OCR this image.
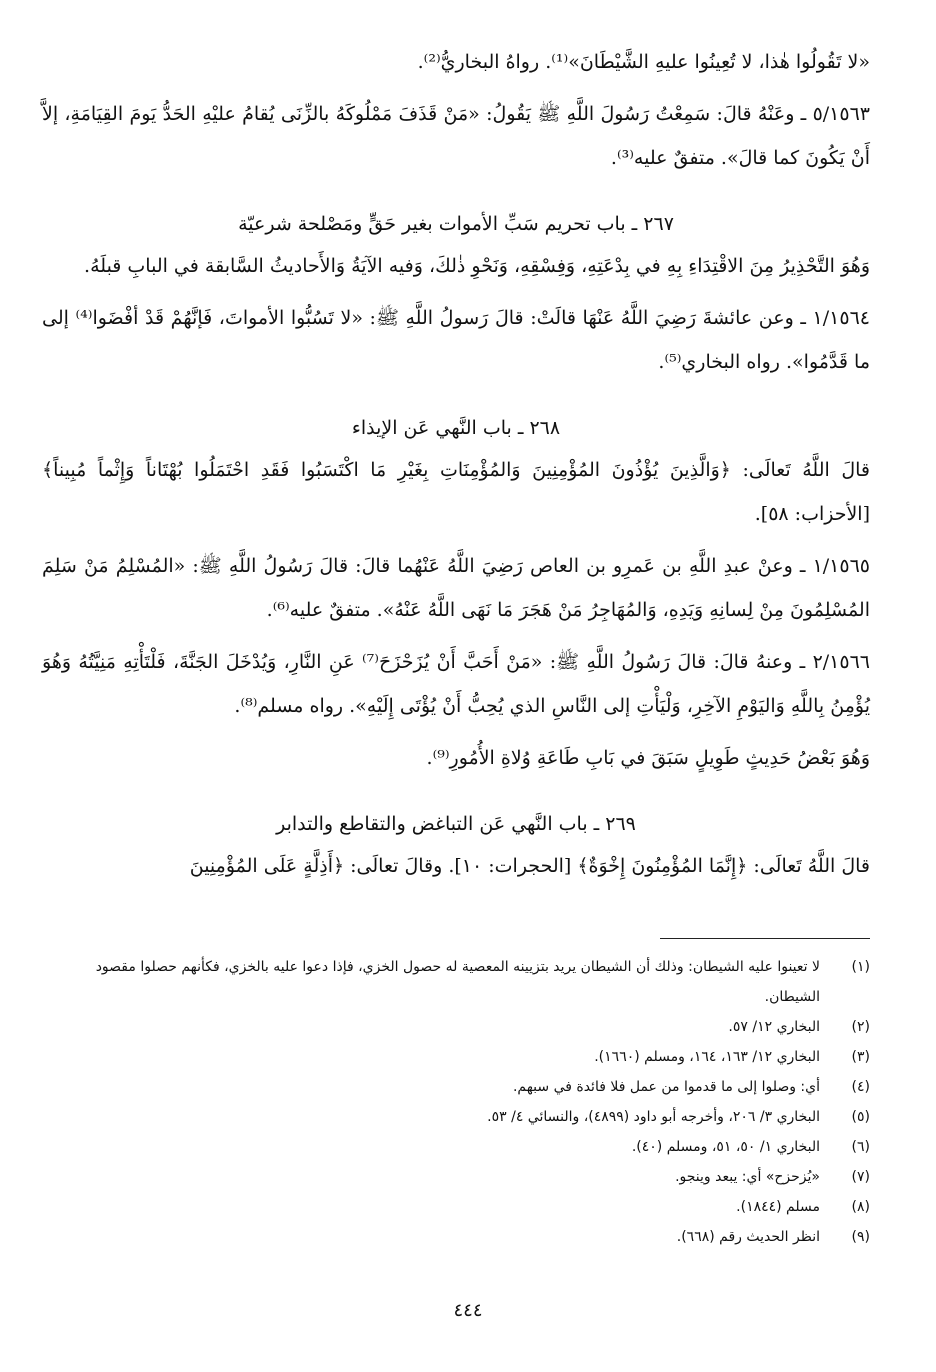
«لا تَقُولُوا هٰذا، لا تُعِينُوا عليهِ الشَّيْطَانَ»⁽¹⁾. رواهُ البخاريُّ⁽²⁾.

٥/١٥٦٣ ـ وعَنْهُ قالَ: سَمِعْتُ رَسُولَ اللَّهِ ﷺ يَقُولُ: «مَنْ قَذَفَ مَمْلُوكَهُ بالزِّنَى يُقامُ عليْهِ الحَدُّ يَومَ القِيَامَةِ، إلاَّ أَنْ يَكُونَ كما قالَ». متفقٌ عليه⁽³⁾.

٢٦٧ ـ باب تحريم سَبِّ الأموات بغير حَقٍّ ومَصْلحة شرعيّة

وَهُوَ التَّحْذِيرُ مِنَ الاقْتِدَاءِ بِهِ في بِدْعَتِهِ، وَفِسْقِهِ، وَنَحْوِ ذٰلكَ، وَفيه الآيَةُ وَالأَحاديثُ السَّابقة في البابِ قبلَهُ.

١/١٥٦٤ ـ وعن عائشةَ رَضِيَ اللَّهُ عَنْهَا قالَتْ: قالَ رَسولُ اللَّهِ ﷺ: «لا تَسُبُّوا الأمواتَ، فَإنَّهُمْ قَدْ أفْضَوا⁽⁴⁾ إلى ما قَدَّمُوا». رواه البخاري⁽⁵⁾.

٢٦٨ ـ باب النَّهي عَن الإيذاء

قالَ اللَّهُ تَعالَى: ﴿وَالَّذِينَ يُؤْذُونَ المُؤْمِنِينَ وَالمُؤْمِنَاتِ بِغَيْرِ مَا اكْتَسَبُوا فَقَدِ احْتَمَلُوا بُهْتَاناً وَإِثْماً مُبِيناً﴾ [الأحزاب: ٥٨].

١/١٥٦٥ ـ وعنْ عبدِ اللَّهِ بن عَمرِو بن العاص رَضِيَ اللَّهُ عَنْهُما قالَ: قالَ رَسُولُ اللَّهِ ﷺ: «المُسْلِمُ مَنْ سَلِمَ المُسْلِمُونَ مِنْ لِسانِهِ وَيَدِهِ، وَالمُهَاجِرُ مَنْ هَجَرَ مَا نَهَى اللَّهُ عَنْهُ». متفقٌ عليه⁽⁶⁾.

٢/١٥٦٦ ـ وعنهُ قالَ: قالَ رَسُولُ اللَّهِ ﷺ: «مَنْ أَحَبَّ أَنْ يُزَحْزَحَ⁽⁷⁾ عَنِ النَّارِ، وَيُدْخَلَ الجَنَّةَ، فَلْتَأْتِهِ مَنِيَّتُهُ وَهُوَ يُؤْمِنُ بِاللَّهِ وَاليَوْمِ الآخِرِ، وَلْيَأْتِ إلى النَّاسِ الذي يُحِبُّ أَنْ يُؤْتَى إِلَيْهِ». رواه مسلم⁽⁸⁾.

وَهُوَ بَعْضُ حَدِيثٍ طَوِيلٍ سَبَقَ في بَابِ طَاعَةِ وُلاةِ الأُمُورِ⁽⁹⁾.

٢٦٩ ـ باب النَّهي عَن التباغض والتقاطع والتدابر

قالَ اللَّهُ تَعالَى: ﴿إِنَّمَا المُؤْمِنُونَ إِخْوَةٌ﴾ [الحجرات: ١٠]. وقالَ تعالَى: ﴿أَذِلَّةٍ عَلَى المُؤْمِنِينَ

(١)
لا تعينوا عليه الشيطان: وذلك أن الشيطان يريد بتزيينه المعصية له حصول الخزي، فإذا دعوا عليه بالخزي، فكأنهم حصلوا مقصود الشيطان.
(٢)
البخاري ١٢/ ٥٧.
(٣)
البخاري ١٢/ ١٦٣، ١٦٤، ومسلم (١٦٦٠).
(٤)
أي: وصلوا إلى ما قدموا من عمل فلا فائدة في سبهم.
(٥)
البخاري ٣/ ٢٠٦، وأخرجه أبو داود (٤٨٩٩)، والنسائي ٤/ ٥٣.
(٦)
البخاري ١/ ٥٠، ٥١، ومسلم (٤٠).
(٧)
«يُزحزح» أي: يبعد وينجو.
(٨)
مسلم (١٨٤٤).
(٩)
انظر الحديث رقم (٦٦٨).
٤٤٤
